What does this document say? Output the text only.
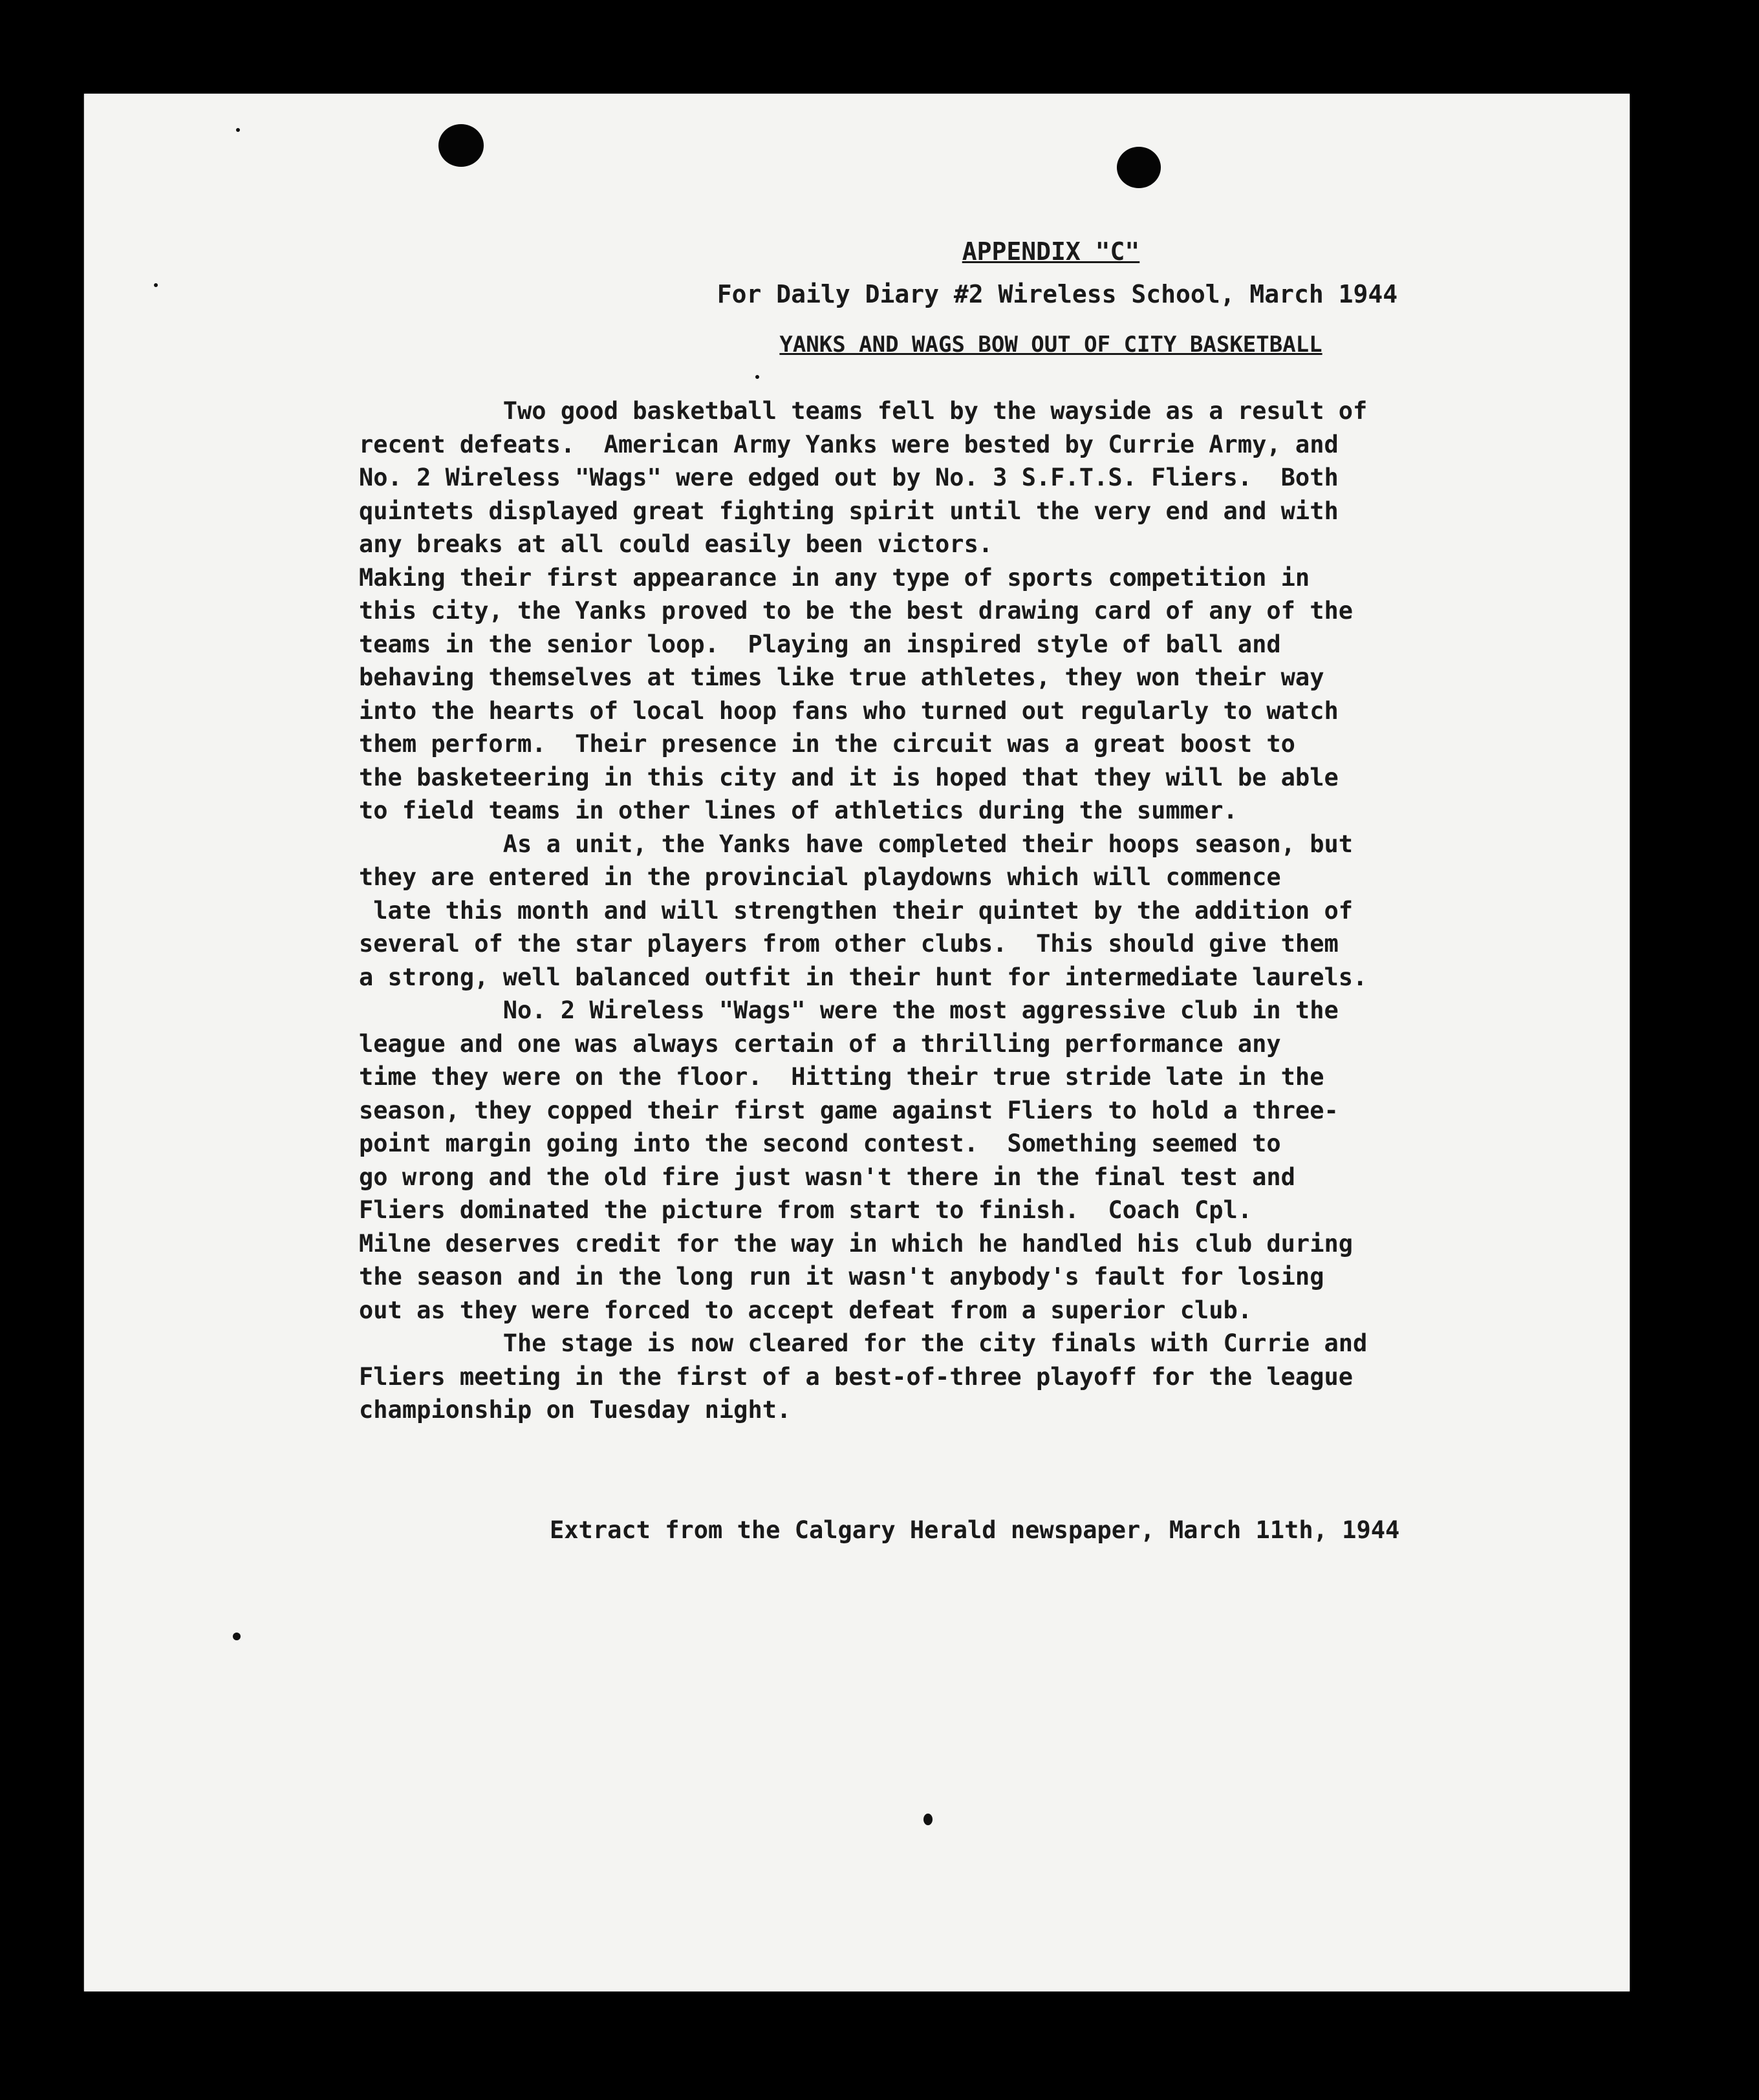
APPENDIX "C"
For Daily Diary #2 Wireless School, March 1944
YANKS AND WAGS BOW OUT OF CITY BASKETBALL
Two good basketball teams fell by the wayside as a result of
recent defeats.  American Army Yanks were bested by Currie Army, and
No. 2 Wireless "Wags" were edged out by No. 3 S.F.T.S. Fliers.  Both
quintets displayed great fighting spirit until the very end and with
any breaks at all could easily been victors.
Making their first appearance in any type of sports competition in
this city, the Yanks proved to be the best drawing card of any of the
teams in the senior loop.  Playing an inspired style of ball and
behaving themselves at times like true athletes, they won their way
into the hearts of local hoop fans who turned out regularly to watch
them perform.  Their presence in the circuit was a great boost to
the basketeering in this city and it is hoped that they will be able
to field teams in other lines of athletics during the summer.
As a unit, the Yanks have completed their hoops season, but
they are entered in the provincial playdowns which will commence
late this month and will strengthen their quintet by the addition of
several of the star players from other clubs.  This should give them
a strong, well balanced outfit in their hunt for intermediate laurels.
No. 2 Wireless "Wags" were the most aggressive club in the
league and one was always certain of a thrilling performance any
time they were on the floor.  Hitting their true stride late in the
season, they copped their first game against Fliers to hold a three-
point margin going into the second contest.  Something seemed to
go wrong and the old fire just wasn't there in the final test and
Fliers dominated the picture from start to finish.  Coach Cpl.
Milne deserves credit for the way in which he handled his club during
the season and in the long run it wasn't anybody's fault for losing
out as they were forced to accept defeat from a superior club.
The stage is now cleared for the city finals with Currie and
Fliers meeting in the first of a best-of-three playoff for the league
championship on Tuesday night.
Extract from the Calgary Herald newspaper, March 11th, 1944
